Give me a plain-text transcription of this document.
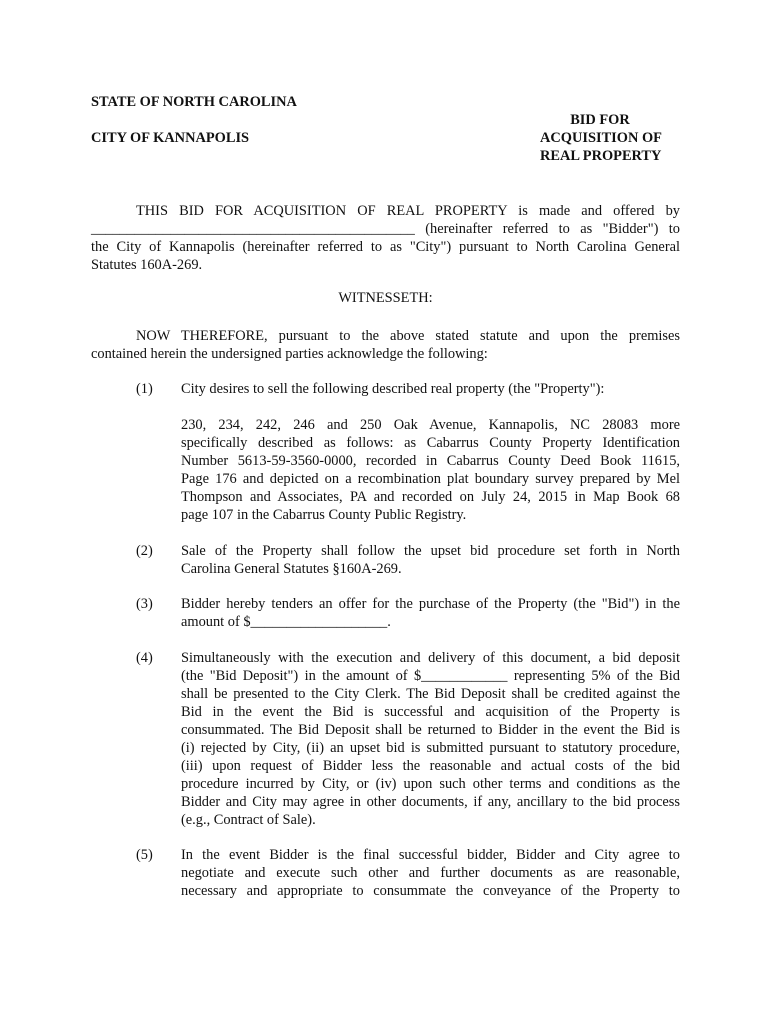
STATE OF NORTH CAROLINA
CITY OF KANNAPOLIS
BID FOR
ACQUISITION OF
REAL PROPERTY
THIS BID FOR ACQUISITION OF REAL PROPERTY is made and offered by
_____________________________________________ (hereinafter referred to as "Bidder") to
the City of Kannapolis (hereinafter referred to as "City") pursuant to North Carolina General
Statutes 160A-269.
WITNESSETH:
NOW THEREFORE, pursuant to the above stated statute and upon the premises
contained herein the undersigned parties acknowledge the following:
(1) City desires to sell the following described real property (the "Property"):
230, 234, 242, 246 and 250 Oak Avenue, Kannapolis, NC 28083 more
specifically described as follows: as Cabarrus County Property Identification
Number 5613-59-3560-0000, recorded in Cabarrus County Deed Book 11615,
Page 176 and depicted on a recombination plat boundary survey prepared by Mel
Thompson and Associates, PA and recorded on July 24, 2015 in Map Book 68
page 107 in the Cabarrus County Public Registry.
(2) Sale of the Property shall follow the upset bid procedure set forth in North
Carolina General Statutes §160A-269.
(3) Bidder hereby tenders an offer for the purchase of the Property (the "Bid") in the
amount of $___________________.
(4) Simultaneously with the execution and delivery of this document, a bid deposit
(the "Bid Deposit") in the amount of $____________ representing 5% of the Bid
shall be presented to the City Clerk. The Bid Deposit shall be credited against the
Bid in the event the Bid is successful and acquisition of the Property is
consummated. The Bid Deposit shall be returned to Bidder in the event the Bid is
(i) rejected by City, (ii) an upset bid is submitted pursuant to statutory procedure,
(iii) upon request of Bidder less the reasonable and actual costs of the bid
procedure incurred by City, or (iv) upon such other terms and conditions as the
Bidder and City may agree in other documents, if any, ancillary to the bid process
(e.g., Contract of Sale).
(5) In the event Bidder is the final successful bidder, Bidder and City agree to
negotiate and execute such other and further documents as are reasonable,
necessary and appropriate to consummate the conveyance of the Property to
